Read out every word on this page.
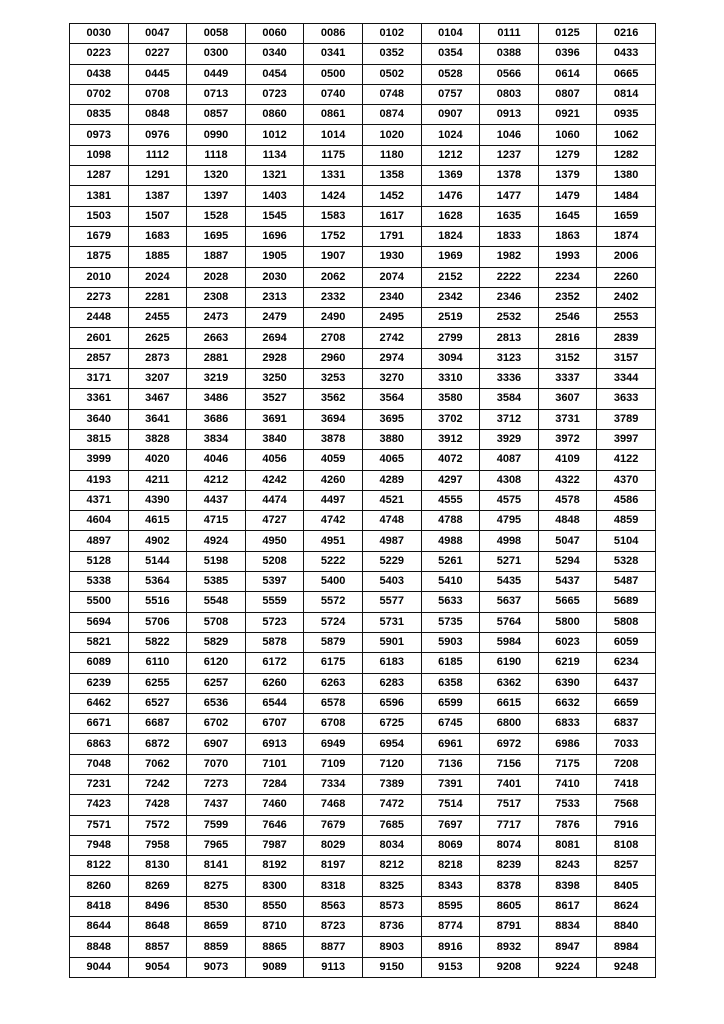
0030	0047	0058	0060	0086	0102	0104	0111	0125	0216
0223	0227	0300	0340	0341	0352	0354	0388	0396	0433
0438	0445	0449	0454	0500	0502	0528	0566	0614	0665
0702	0708	0713	0723	0740	0748	0757	0803	0807	0814
0835	0848	0857	0860	0861	0874	0907	0913	0921	0935
0973	0976	0990	1012	1014	1020	1024	1046	1060	1062
1098	1112	1118	1134	1175	1180	1212	1237	1279	1282
1287	1291	1320	1321	1331	1358	1369	1378	1379	1380
1381	1387	1397	1403	1424	1452	1476	1477	1479	1484
1503	1507	1528	1545	1583	1617	1628	1635	1645	1659
1679	1683	1695	1696	1752	1791	1824	1833	1863	1874
1875	1885	1887	1905	1907	1930	1969	1982	1993	2006
2010	2024	2028	2030	2062	2074	2152	2222	2234	2260
2273	2281	2308	2313	2332	2340	2342	2346	2352	2402
2448	2455	2473	2479	2490	2495	2519	2532	2546	2553
2601	2625	2663	2694	2708	2742	2799	2813	2816	2839
2857	2873	2881	2928	2960	2974	3094	3123	3152	3157
3171	3207	3219	3250	3253	3270	3310	3336	3337	3344
3361	3467	3486	3527	3562	3564	3580	3584	3607	3633
3640	3641	3686	3691	3694	3695	3702	3712	3731	3789
3815	3828	3834	3840	3878	3880	3912	3929	3972	3997
3999	4020	4046	4056	4059	4065	4072	4087	4109	4122
4193	4211	4212	4242	4260	4289	4297	4308	4322	4370
4371	4390	4437	4474	4497	4521	4555	4575	4578	4586
4604	4615	4715	4727	4742	4748	4788	4795	4848	4859
4897	4902	4924	4950	4951	4987	4988	4998	5047	5104
5128	5144	5198	5208	5222	5229	5261	5271	5294	5328
5338	5364	5385	5397	5400	5403	5410	5435	5437	5487
5500	5516	5548	5559	5572	5577	5633	5637	5665	5689
5694	5706	5708	5723	5724	5731	5735	5764	5800	5808
5821	5822	5829	5878	5879	5901	5903	5984	6023	6059
6089	6110	6120	6172	6175	6183	6185	6190	6219	6234
6239	6255	6257	6260	6263	6283	6358	6362	6390	6437
6462	6527	6536	6544	6578	6596	6599	6615	6632	6659
6671	6687	6702	6707	6708	6725	6745	6800	6833	6837
6863	6872	6907	6913	6949	6954	6961	6972	6986	7033
7048	7062	7070	7101	7109	7120	7136	7156	7175	7208
7231	7242	7273	7284	7334	7389	7391	7401	7410	7418
7423	7428	7437	7460	7468	7472	7514	7517	7533	7568
7571	7572	7599	7646	7679	7685	7697	7717	7876	7916
7948	7958	7965	7987	8029	8034	8069	8074	8081	8108
8122	8130	8141	8192	8197	8212	8218	8239	8243	8257
8260	8269	8275	8300	8318	8325	8343	8378	8398	8405
8418	8496	8530	8550	8563	8573	8595	8605	8617	8624
8644	8648	8659	8710	8723	8736	8774	8791	8834	8840
8848	8857	8859	8865	8877	8903	8916	8932	8947	8984
9044	9054	9073	9089	9113	9150	9153	9208	9224	9248
